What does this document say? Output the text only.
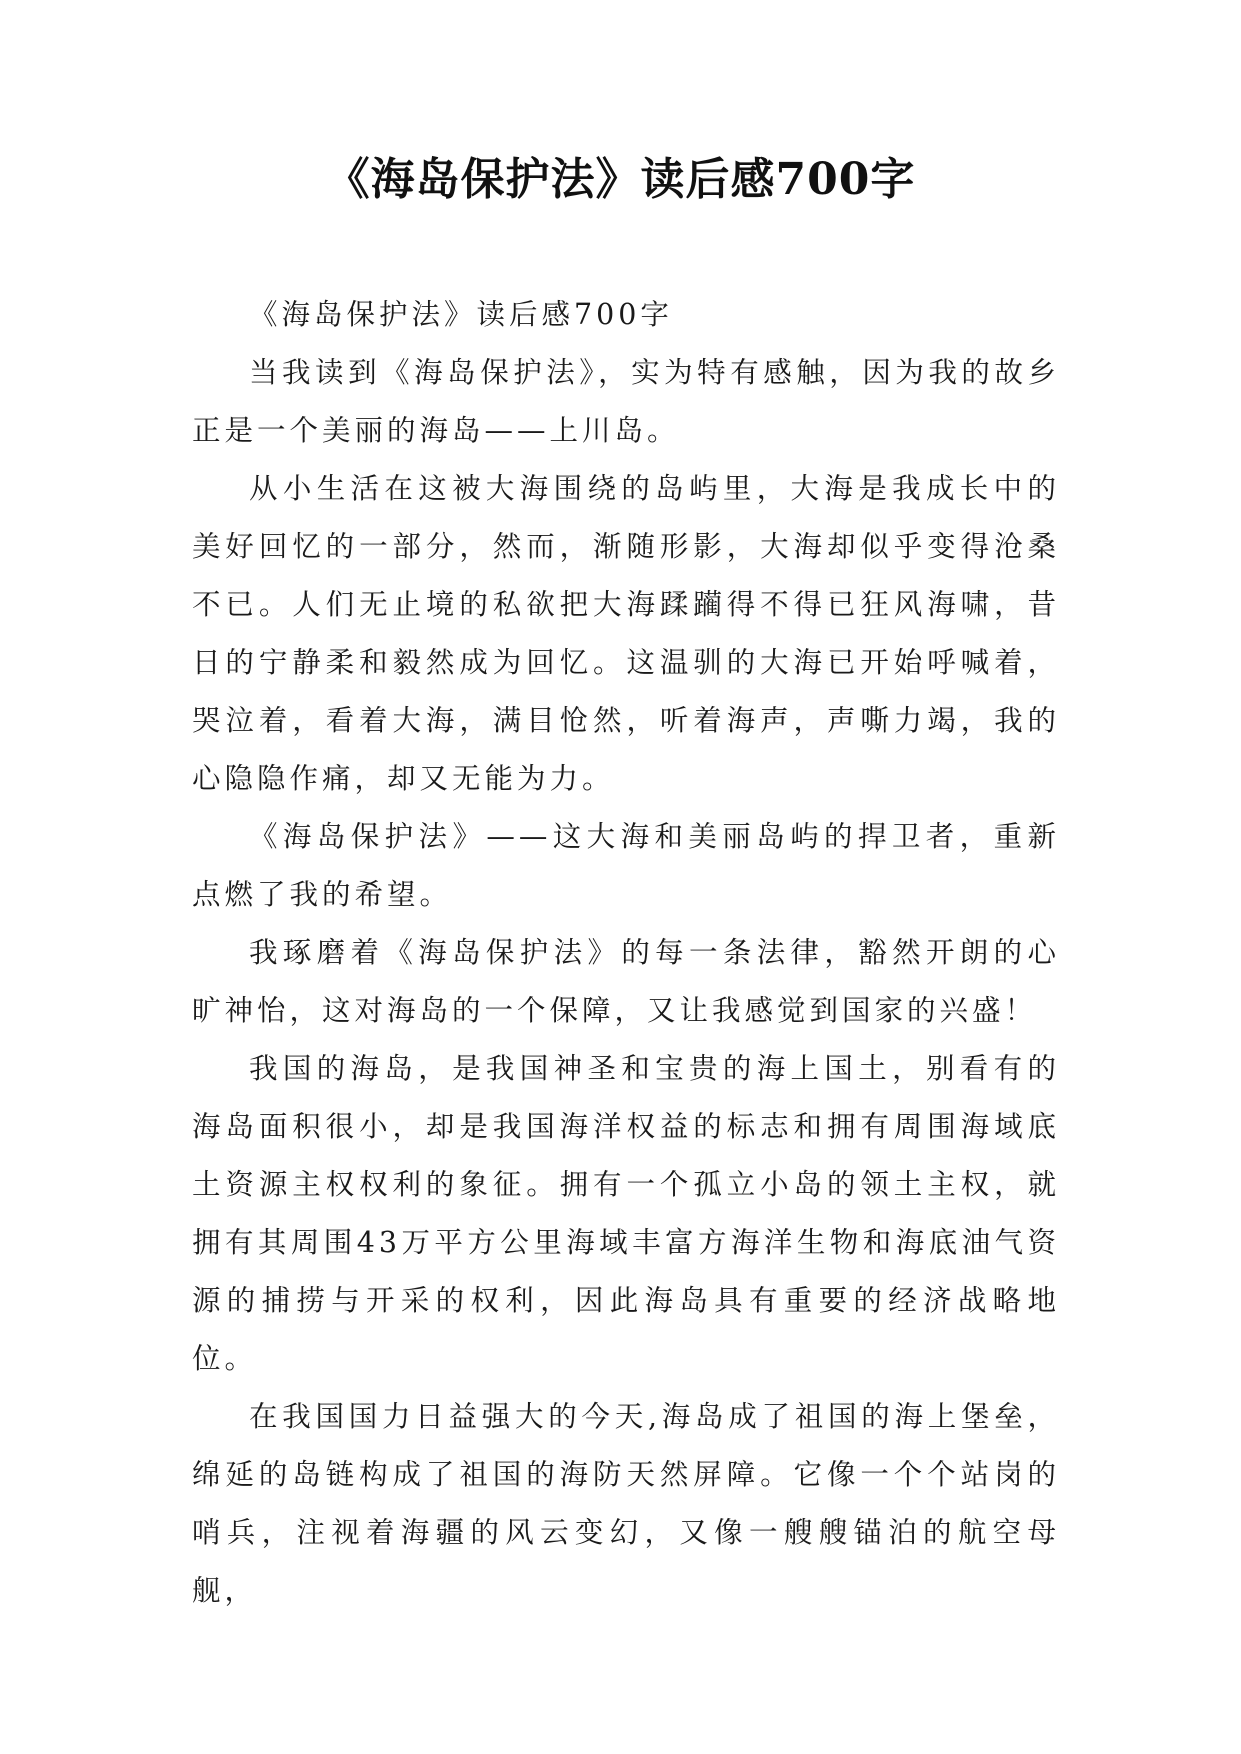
《海岛保护法》读后感700字

《海岛保护法》读后感700字

当我读到《海岛保护法》，实为特有感触，因为我的故乡正是一个美丽的海岛——上川岛。

从小生活在这被大海围绕的岛屿里，大海是我成长中的美好回忆的一部分，然而，渐随形影，大海却似乎变得沧桑不已。人们无止境的私欲把大海蹂躏得不得已狂风海啸，昔日的宁静柔和毅然成为回忆。这温驯的大海已开始呼喊着，哭泣着，看着大海，满目怆然，听着海声，声嘶力竭，我的心隐隐作痛，却又无能为力。

《海岛保护法》——这大海和美丽岛屿的捍卫者，重新点燃了我的希望。

我琢磨着《海岛保护法》的每一条法律，豁然开朗的心旷神怡，这对海岛的一个保障，又让我感觉到国家的兴盛！

我国的海岛，是我国神圣和宝贵的海上国土，别看有的海岛面积很小，却是我国海洋权益的标志和拥有周围海域底土资源主权权利的象征。拥有一个孤立小岛的领土主权，就拥有其周围43万平方公里海域丰富方海洋生物和海底油气资源的捕捞与开采的权利，因此海岛具有重要的经济战略地位。

在我国国力日益强大的今天,海岛成了祖国的海上堡垒，绵延的岛链构成了祖国的海防天然屏障。它像一个个站岗的哨兵，注视着海疆的风云变幻，又像一艘艘锚泊的航空母舰，
